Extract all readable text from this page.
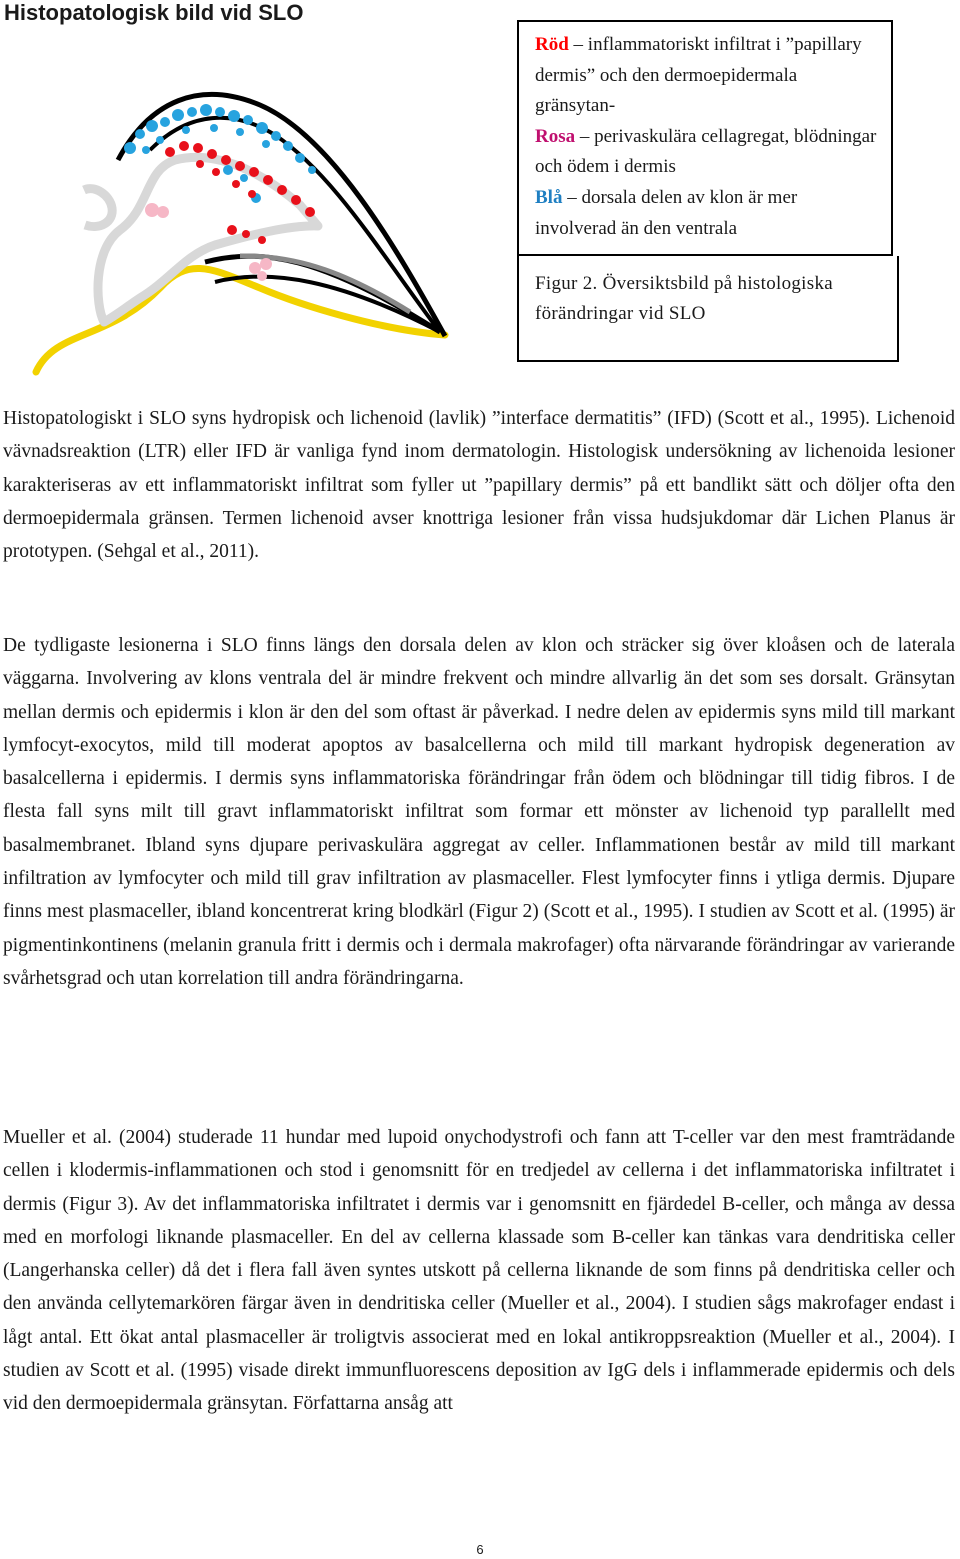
Histopatologisk bild vid SLO
Röd – inflammatoriskt infiltrat i ”papillary dermis” och den dermoepidermala gränsytan-
Rosa – perivaskulära cellagregat, blödningar och ödem i dermis
Blå – dorsala delen av klon är mer involverad än den ventrala
Figur 2. Översiktsbild på histologiska förändringar vid SLO

Histopatologiskt i SLO syns hydropisk och lichenoid (lavlik) ”interface dermatitis” (IFD) (Scott et al., 1995). Lichenoid vävnadsreaktion (LTR) eller IFD är vanliga fynd inom dermatologin. Histologisk undersökning av lichenoida lesioner karakteriseras av ett inflammatoriskt infiltrat som fyller ut ”papillary dermis” på ett bandlikt sätt och döljer ofta den dermoepidermala gränsen. Termen lichenoid avser knottriga lesioner från vissa hudsjukdomar där Lichen Planus är prototypen. (Sehgal et al., 2011).

De tydligaste lesionerna i SLO finns längs den dorsala delen av klon och sträcker sig över kloåsen och de laterala väggarna. Involvering av klons ventrala del är mindre frekvent och mindre allvarlig än det som ses dorsalt. Gränsytan mellan dermis och epidermis i klon är den del som oftast är påverkad. I nedre delen av epidermis syns mild till markant lymfocyt-exocytos, mild till moderat apoptos av basalcellerna och mild till markant hydropisk degeneration av basalcellerna i epidermis. I dermis syns inflammatoriska förändringar från ödem och blödningar till tidig fibros. I de flesta fall syns milt till gravt inflammatoriskt infiltrat som formar ett mönster av lichenoid typ parallellt med basalmembranet. Ibland syns djupare perivaskulära aggregat av celler. Inflammationen består av mild till markant infiltration av lymfocyter och mild till grav infiltration av plasmaceller. Flest lymfocyter finns i ytliga dermis. Djupare finns mest plasmaceller, ibland koncentrerat kring blodkärl (Figur 2) (Scott et al., 1995). I studien av Scott et al. (1995) är pigmentinkontinens (melanin granula fritt i dermis och i dermala makrofager) ofta närvarande förändringar av varierande svårhetsgrad och utan korrelation till andra förändringarna.

Mueller et al. (2004) studerade 11 hundar med lupoid onychodystrofi och fann att T-celler var den mest framträdande cellen i klodermis-inflammationen och stod i genomsnitt för en tredjedel av cellerna i det inflammatoriska infiltratet i dermis (Figur 3). Av det inflammatoriska infiltratet i dermis var i genomsnitt en fjärdedel B-celler, och många av dessa med en morfologi liknande plasmaceller. En del av cellerna klassade som B-celler kan tänkas vara dendritiska celler (Langerhanska celler) då det i flera fall även syntes utskott på cellerna liknande de som finns på dendritiska celler och den använda cellytemarkören färgar även in dendritiska celler (Mueller et al., 2004). I studien sågs makrofager endast i lågt antal. Ett ökat antal plasmaceller är troligtvis associerat med en lokal antikroppsreaktion (Mueller et al., 2004). I studien av Scott et al. (1995) visade direkt immunfluorescens deposition av IgG dels i inflammerade epidermis och dels vid den dermoepidermala gränsytan. Författarna ansåg att

6
